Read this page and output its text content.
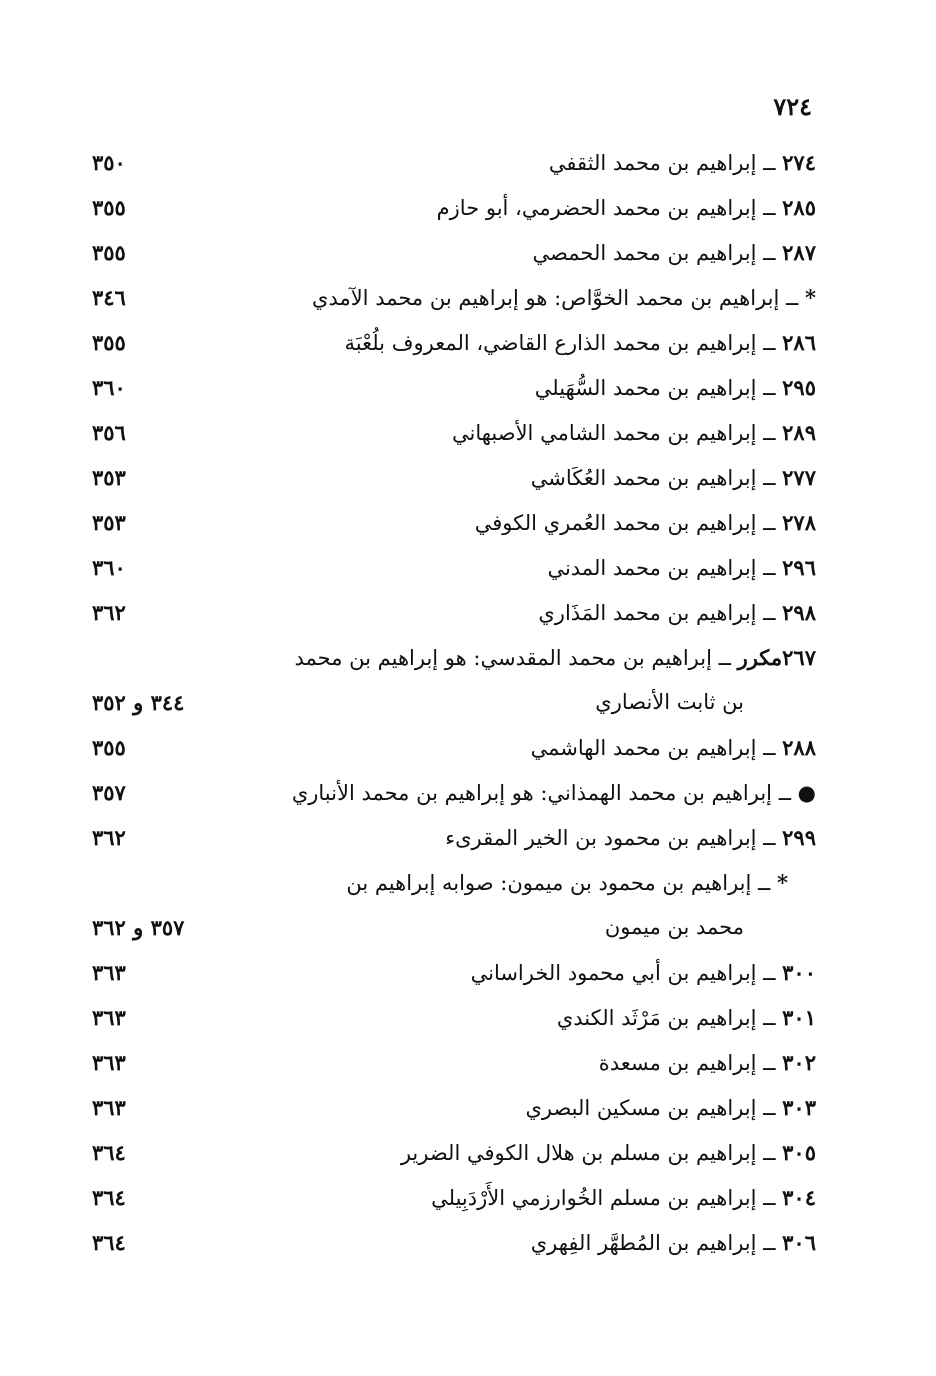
٧٢٤
٢٧٤ ــ إبراهيم بن محمد الثقفي
٣٥٠
٢٨٥ ــ إبراهيم بن محمد الحضرمي، أبو حازم
٣٥٥
٢٨٧ ــ إبراهيم بن محمد الحمصي
٣٥٥
* ــ إبراهيم بن محمد الخوَّاص: هو إبراهيم بن محمد الآمدي
٣٤٦
٢٨٦ ــ إبراهيم بن محمد الذارع القاضي، المعروف بلُعْبَة
٣٥٥
٢٩٥ ــ إبراهيم بن محمد السُّهَيلي
٣٦٠
٢٨٩ ــ إبراهيم بن محمد الشامي الأصبهاني
٣٥٦
٢٧٧ ــ إبراهيم بن محمد العُكَاشي
٣٥٣
٢٧٨ ــ إبراهيم بن محمد العُمري الكوفي
٣٥٣
٢٩٦ ــ إبراهيم بن محمد المدني
٣٦٠
٢٩٨ ــ إبراهيم بن محمد المَذَاري
٣٦٢
٢٦٧مكرر ــ إبراهيم بن محمد المقدسي: هو إبراهيم بن محمد
بن ثابت الأنصاري
٣٤٤ و ٣٥٢
٢٨٨ ــ إبراهيم بن محمد الهاشمي
٣٥٥
● ــ إبراهيم بن محمد الهمذاني: هو إبراهيم بن محمد الأنباري
٣٥٧
٢٩٩ ــ إبراهيم بن محمود بن الخير المقرىء
٣٦٢
* ــ إبراهيم بن محمود بن ميمون: صوابه إبراهيم بن
محمد بن ميمون
٣٥٧ و ٣٦٢
٣٠٠ ــ إبراهيم بن أبي محمود الخراساني
٣٦٣
٣٠١ ــ إبراهيم بن مَرْثَد الكندي
٣٦٣
٣٠٢ ــ إبراهيم بن مسعدة
٣٦٣
٣٠٣ ــ إبراهيم بن مسكين البصري
٣٦٣
٣٠٥ ــ إبراهيم بن مسلم بن هلال الكوفي الضرير
٣٦٤
٣٠٤ ــ إبراهيم بن مسلم الخُوارزمي الأَرْدَبِيلي
٣٦٤
٣٠٦ ــ إبراهيم بن المُطهَّر الفِهري
٣٦٤
